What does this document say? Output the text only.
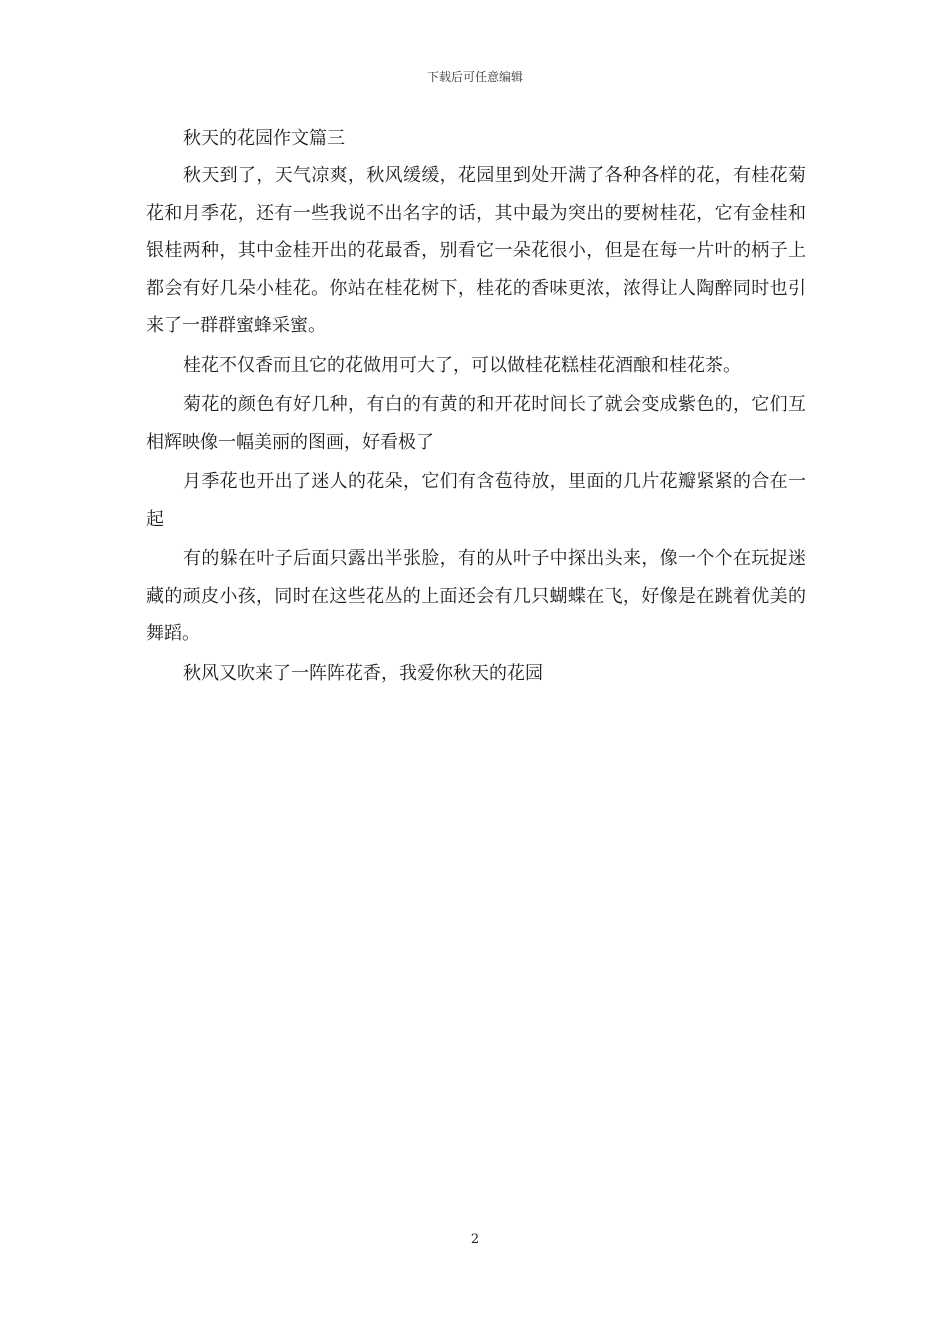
下载后可任意编辑
秋天的花园作文篇三

秋天到了，天气凉爽，秋风缓缓，花园里到处开满了各种各样的花，有桂花菊花和月季花，还有一些我说不出名字的话，其中最为突出的要树桂花，它有金桂和银桂两种，其中金桂开出的花最香，别看它一朵花很小，但是在每一片叶的柄子上都会有好几朵小桂花。你站在桂花树下，桂花的香味更浓，浓得让人陶醉同时也引来了一群群蜜蜂采蜜。

桂花不仅香而且它的花做用可大了，可以做桂花糕桂花酒酿和桂花茶。

菊花的颜色有好几种，有白的有黄的和开花时间长了就会变成紫色的，它们互相辉映像一幅美丽的图画，好看极了

月季花也开出了迷人的花朵，它们有含苞待放，里面的几片花瓣紧紧的合在一起

有的躲在叶子后面只露出半张脸，有的从叶子中探出头来，像一个个在玩捉迷藏的顽皮小孩，同时在这些花丛的上面还会有几只蝴蝶在飞，好像是在跳着优美的舞蹈。

秋风又吹来了一阵阵花香，我爱你秋天的花园

2
